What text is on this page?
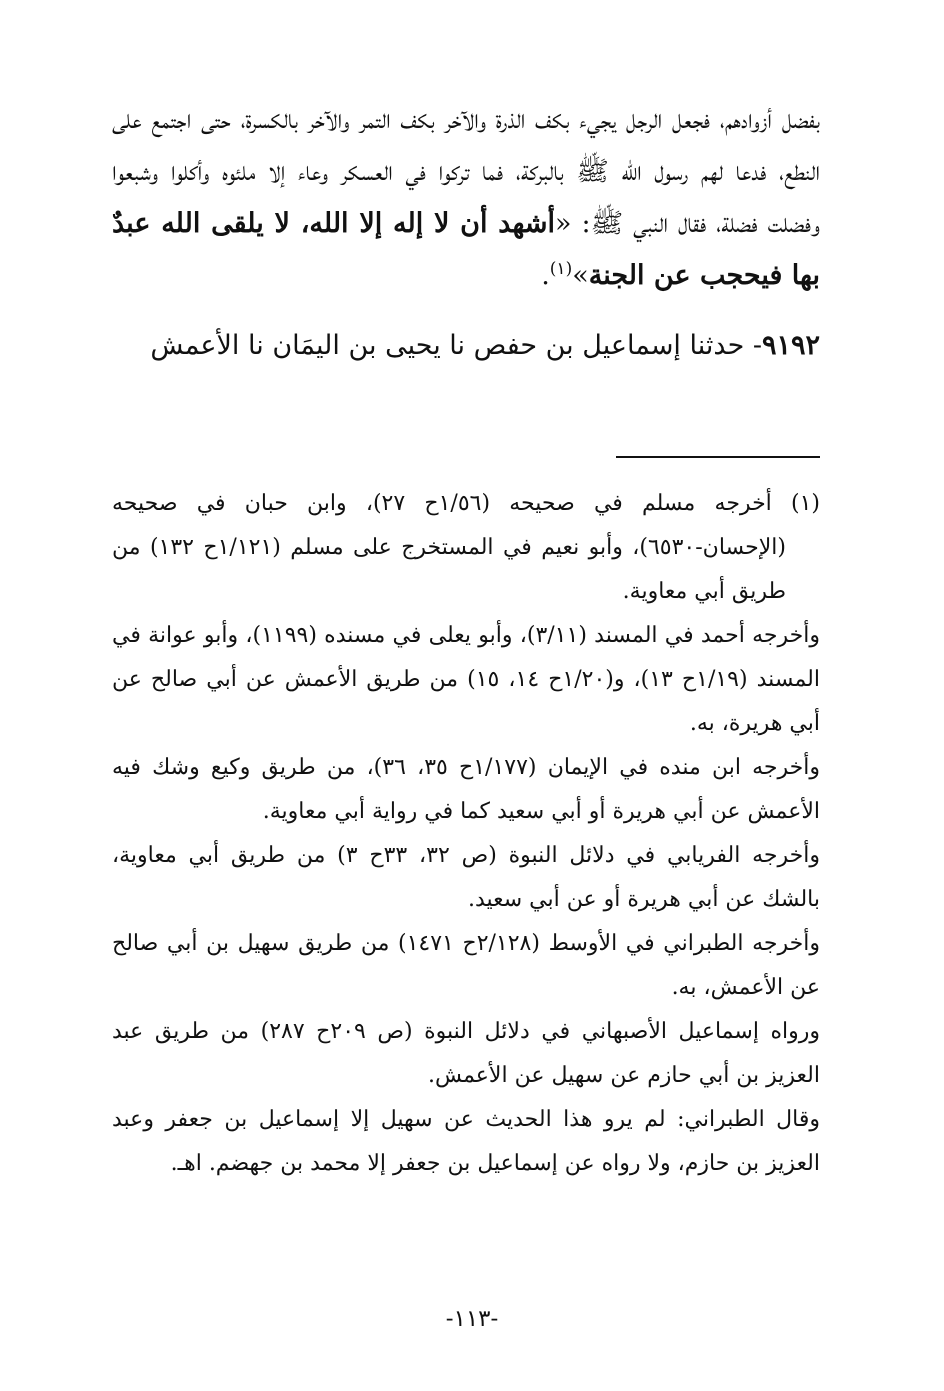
بفضل أزوادهم، فجعل الرجل يجيء بكف الذرة والآخر بكف التمر والآخر بالكسرة، حتى اجتمع على النطع، فدعا لهم رسول الله ﷺ بالبركة، فما تركوا في العسكر وعاء إلا ملئوه وأكلوا وشبعوا وفضلت فضلة، فقال النبي ﷺ: «أشهد أن لا إله إلا الله، لا يلقى الله عبدٌ بها فيحجب عن الجنة»$^{(١)}$.

٩١٩٢- حدثنا إسماعيل بن حفص نا يحيى بن اليمَان نا الأعمش

(١) أخرجه مسلم في صحيحه (١/٥٦ح ٢٧)، وابن حبان في صحيحه (الإحسان-٦٥٣٠)، وأبو نعيم في المستخرج على مسلم (١/١٢١ح ١٣٢) من طريق أبي معاوية.

وأخرجه أحمد في المسند (٣/١١)، وأبو يعلى في مسنده (١١٩٩)، وأبو عوانة في المسند (١/١٩ح ١٣)، و(١/٢٠ح ١٤، ١٥) من طريق الأعمش عن أبي صالح عن أبي هريرة، به.

وأخرجه ابن منده في الإيمان (١/١٧٧ح ٣٥، ٣٦)، من طريق وكيع وشك فيه الأعمش عن أبي هريرة أو أبي سعيد كما في رواية أبي معاوية.

وأخرجه الفريابي في دلائل النبوة (ص ٣٢، ٣٣ح ٣) من طريق أبي معاوية، بالشك عن أبي هريرة أو عن أبي سعيد.

وأخرجه الطبراني في الأوسط (٢/١٢٨ح ١٤٧١) من طريق سهيل بن أبي صالح عن الأعمش، به.

ورواه إسماعيل الأصبهاني في دلائل النبوة (ص ٢٠٩ح ٢٨٧) من طريق عبد العزيز بن أبي حازم عن سهيل عن الأعمش.

وقال الطبراني: لم يرو هذا الحديث عن سهيل إلا إسماعيل بن جعفر وعبد العزيز بن حازم، ولا رواه عن إسماعيل بن جعفر إلا محمد بن جهضم. اهـ.

-١١٣-
